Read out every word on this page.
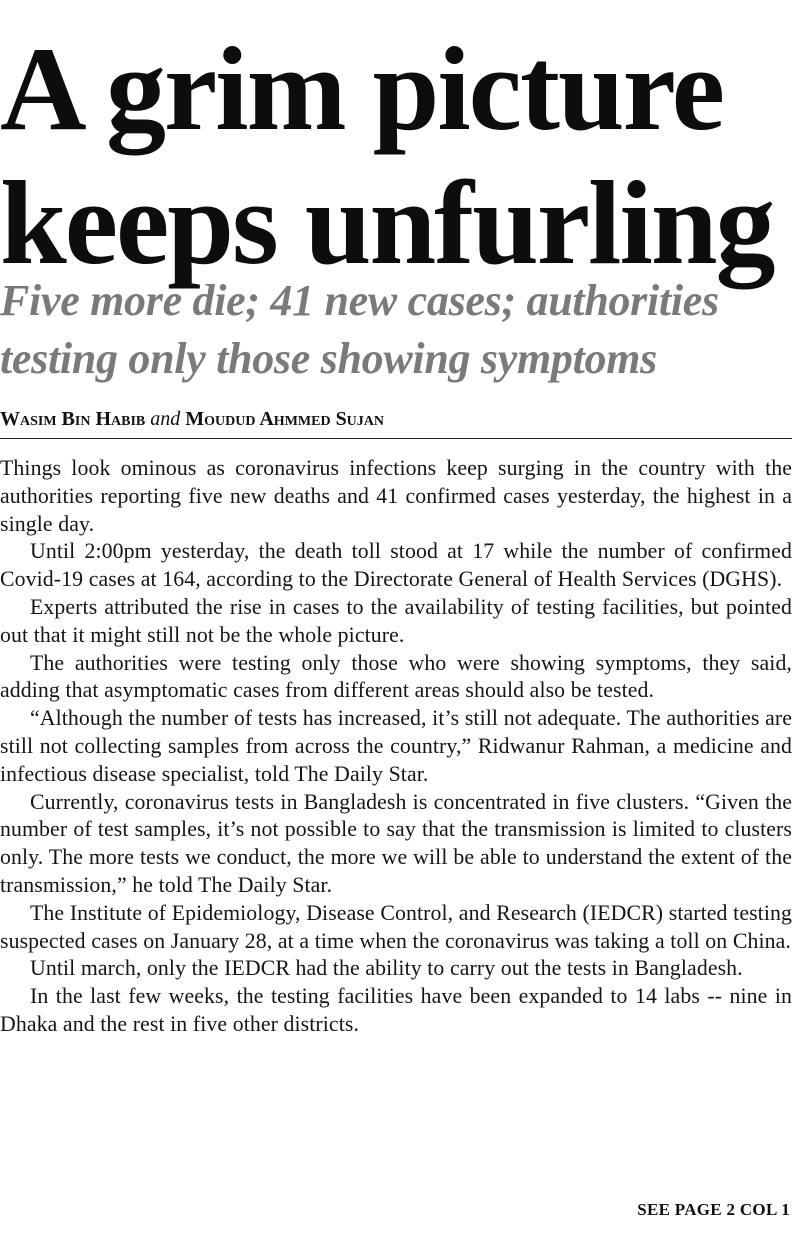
A grim picture
keeps unfurling
Five more die; 41 new cases; authorities
testing only those showing symptoms
Wasim Bin Habib and Moudud Ahmmed Sujan

Things look ominous as coronavirus infections keep surging in the country with the authorities reporting five new deaths and 41 confirmed cases yesterday, the highest in a single day.

Until 2:00pm yesterday, the death toll stood at 17 while the number of confirmed Covid-19 cases at 164, according to the Directorate General of Health Services (DGHS).

Experts attributed the rise in cases to the availability of testing facilities, but pointed out that it might still not be the whole picture.

The authorities were testing only those who were showing symptoms, they said, adding that asymptomatic cases from different areas should also be tested.

“Although the number of tests has increased, it’s still not adequate. The authorities are still not collecting samples from across the country,” Ridwanur Rahman, a medicine and infectious disease specialist, told The Daily Star.

Currently, coronavirus tests in Bangladesh is concentrated in five clusters. “Given the number of test samples, it’s not possible to say that the transmission is limited to clusters only. The more tests we conduct, the more we will be able to understand the extent of the transmission,” he told The Daily Star.

The Institute of Epidemiology, Disease Control, and Research (IEDCR) started testing suspected cases on January 28, at a time when the coronavirus was taking a toll on China.

Until march, only the IEDCR had the ability to carry out the tests in Bangladesh.

In the last few weeks, the testing facilities have been expanded to 14 labs -- nine in Dhaka and the rest in five other districts.

SEE PAGE 2 COL 1
